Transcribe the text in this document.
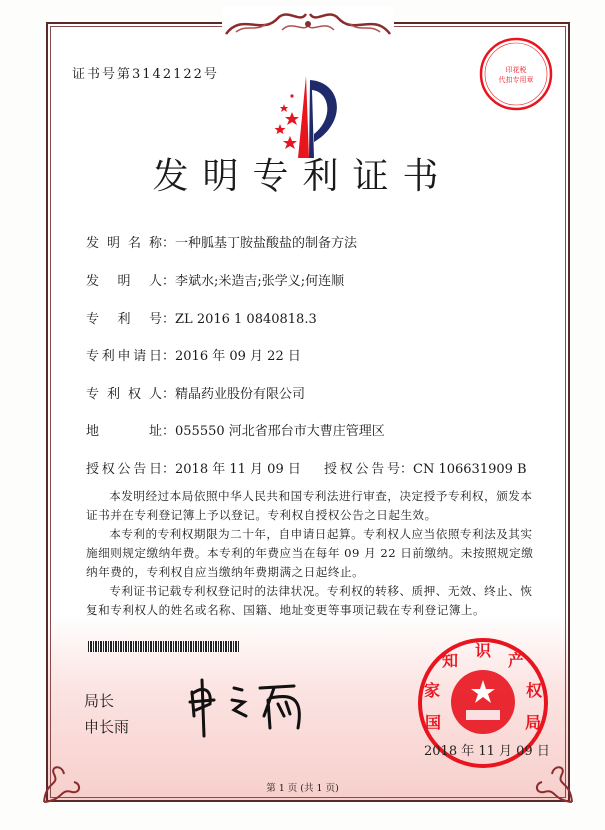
证书号第3142122号	印花税
代扣专用章
发明专利证书
发明名称：一种胍基丁胺盐酸盐的制备方法
发明人：李斌水;米造吉;张学义;何连顺
专利号：ZL 2016 1 0840818.3
专利申请日：2016 年 09 月 22 日
专利权人：精晶药业股份有限公司
地址：055550 河北省邢台市大曹庄管理区
授权公告日：2018 年 11 月 09 日 授权公告号：CN 106631909 B

本发明经过本局依照中华人民共和国专利法进行审查，决定授予专利权，颁发本证书并在专利登记簿上予以登记。专利权自授权公告之日起生效。

本专利的专利权期限为二十年，自申请日起算。专利权人应当依照专利法及其实施细则规定缴纳年费。本专利的年费应当在每年 09 月 22 日前缴纳。未按照规定缴纳年费的，专利权自应当缴纳年费期满之日起终止。

专利证书记载专利权登记时的法律状况。专利权的转移、质押、无效、终止、恢复和专利权人的姓名或名称、国籍、地址变更等事项记载在专利登记簿上。

局长
申长雨	国
家
知
识
产
权
局
2018 年 11 月 09 日
第 1 页 (共 1 页)
